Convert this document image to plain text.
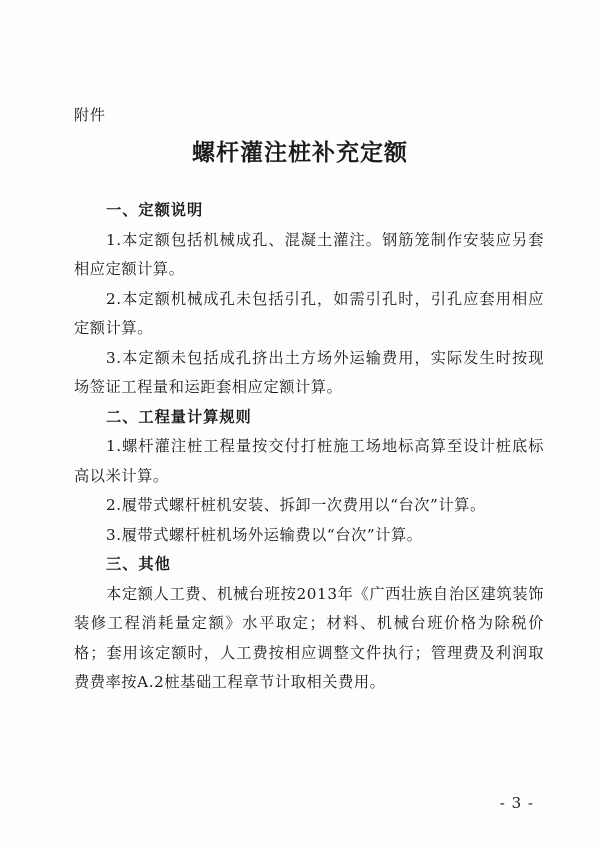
附件
螺杆灌注桩补充定额
一、定额说明
1.本定额包括机械成孔、混凝土灌注。钢筋笼制作安装应另套相应定额计算。
2.本定额机械成孔未包括引孔，如需引孔时，引孔应套用相应定额计算。
3.本定额未包括成孔挤出土方场外运输费用，实际发生时按现场签证工程量和运距套相应定额计算。
二、工程量计算规则
1.螺杆灌注桩工程量按交付打桩施工场地标高算至设计桩底标高以米计算。
2.履带式螺杆桩机安装、拆卸一次费用以“台次”计算。
3.履带式螺杆桩机场外运输费以“台次”计算。
三、其他
本定额人工费、机械台班按2013年《广西壮族自治区建筑装饰装修工程消耗量定额》水平取定；材料、机械台班价格为除税价格；套用该定额时，人工费按相应调整文件执行；管理费及利润取费费率按A.2桩基础工程章节计取相关费用。
- 3 -
